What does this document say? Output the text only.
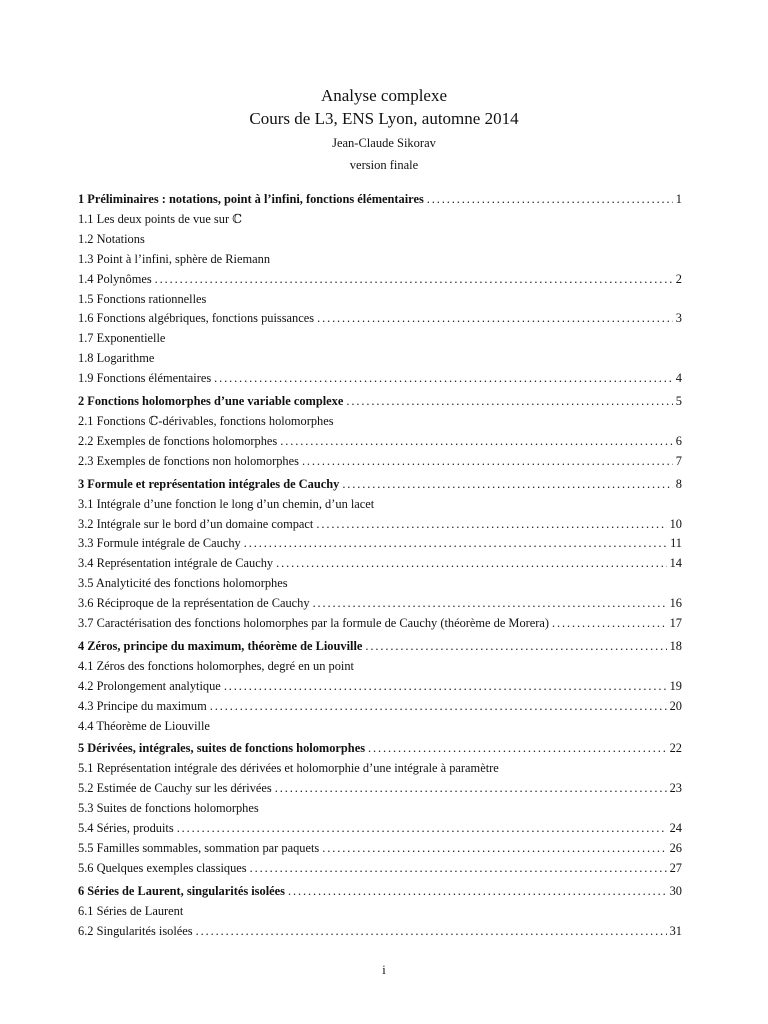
Analyse complexe
Cours de L3, ENS Lyon, automne 2014
Jean-Claude Sikorav
version finale
1 Préliminaires : notations, point à l’infini, fonctions élémentaires . . .	1
1.1 Les deux points de vue sur ℂ
1.2 Notations
1.3 Point à l’infini, sphère de Riemann
1.4 Polynômes . . .	2
1.5 Fonctions rationnelles
1.6 Fonctions algébriques, fonctions puissances . . .	3
1.7 Exponentielle
1.8 Logarithme
1.9 Fonctions élémentaires . . .	4
2 Fonctions holomorphes d’une variable complexe . . .	5
2.1 Fonctions ℂ-dérivables, fonctions holomorphes
2.2 Exemples de fonctions holomorphes . . .	6
2.3 Exemples de fonctions non holomorphes . . .	7
3 Formule et représentation intégrales de Cauchy . . .	8
3.1 Intégrale d’une fonction le long d’un chemin, d’un lacet
3.2 Intégrale sur le bord d’un domaine compact . . .	10
3.3 Formule intégrale de Cauchy . . .	11
3.4 Représentation intégrale de Cauchy . . .	14
3.5 Analyticité des fonctions holomorphes
3.6 Réciproque de la représentation de Cauchy . . .	16
3.7 Caractérisation des fonctions holomorphes par la formule de Cauchy (théorème de Morera) . . .	17
4 Zéros, principe du maximum, théorème de Liouville . . .	18
4.1 Zéros des fonctions holomorphes, degré en un point
4.2 Prolongement analytique . . .	19
4.3 Principe du maximum . . .	20
4.4 Théorème de Liouville
5 Dérivées, intégrales, suites de fonctions holomorphes . . .	22
5.1 Représentation intégrale des dérivées et holomorphie d’une intégrale à paramètre
5.2 Estimée de Cauchy sur les dérivées . . .	23
5.3 Suites de fonctions holomorphes
5.4 Séries, produits . . .	24
5.5 Familles sommables, sommation par paquets . . .	26
5.6 Quelques exemples classiques . . .	27
6 Séries de Laurent, singularités isolées . . .	30
6.1 Séries de Laurent
6.2 Singularités isolées . . .	31
i
